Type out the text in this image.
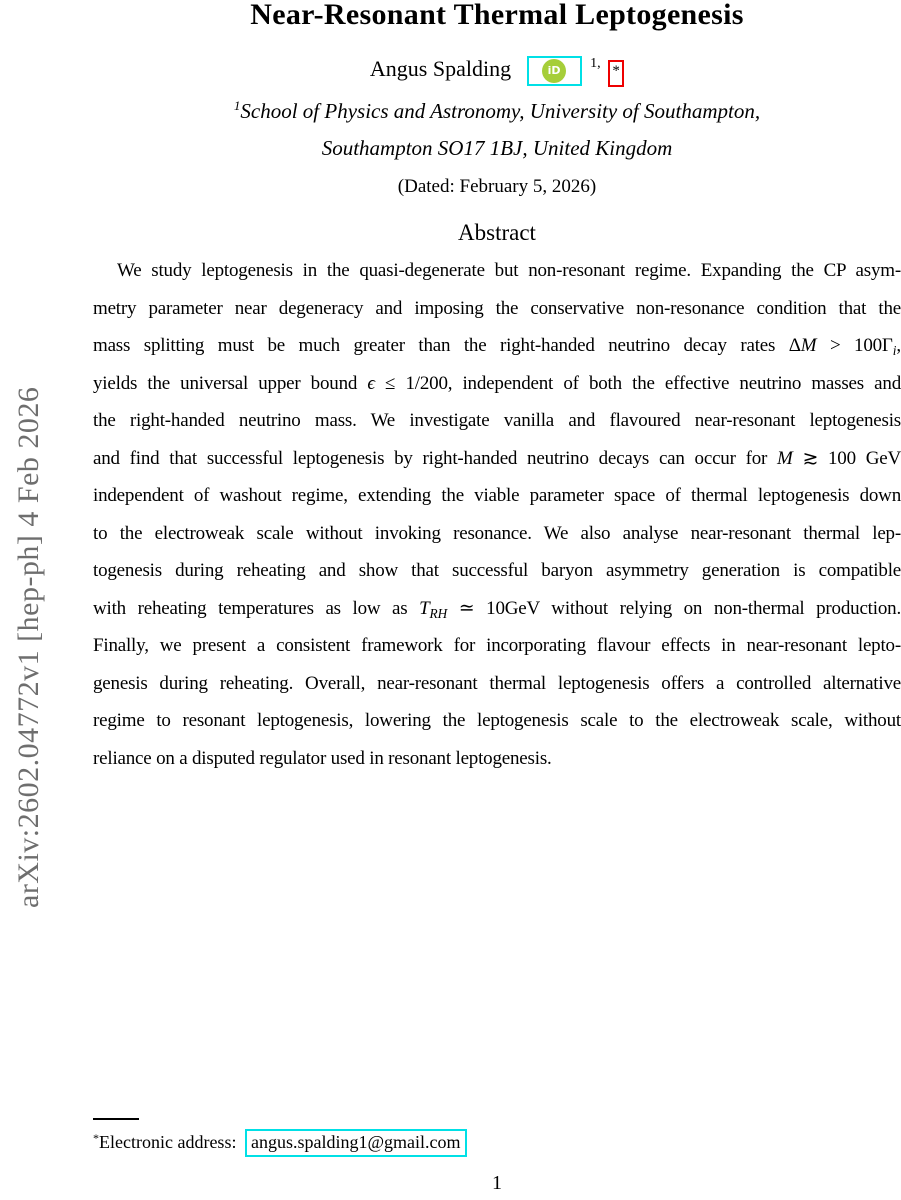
arXiv:2602.04772v1 [hep-ph] 4 Feb 2026
Near-Resonant Thermal Leptogenesis
Angus Spalding	iD	$^{1,}$ *
$^1$School of Physics and Astronomy, University of Southampton,
Southampton SO17 1BJ, United Kingdom
(Dated: February 5, 2026)
Abstract
We study leptogenesis in the quasi-degenerate but non-resonant regime. Expanding the CP asym-
metry parameter near degeneracy and imposing the conservative non-resonance condition that the
mass splitting must be much greater than the right-handed neutrino decay rates $\Delta M > 100\Gamma_i$,
yields the universal upper bound ϵ ≤ 1/200, independent of both the effective neutrino masses and
the right-handed neutrino mass. We investigate vanilla and flavoured near-resonant leptogenesis
and find that successful leptogenesis by right-handed neutrino decays can occur for M ≳ 100 GeV
independent of washout regime, extending the viable parameter space of thermal leptogenesis down
to the electroweak scale without invoking resonance. We also analyse near-resonant thermal lep-
togenesis during reheating and show that successful baryon asymmetry generation is compatible
with reheating temperatures as low as $T_{RH}$ ≃ 10GeV without relying on non-thermal production.
Finally, we present a consistent framework for incorporating flavour effects in near-resonant lepto-
genesis during reheating. Overall, near-resonant thermal leptogenesis offers a controlled alternative
regime to resonant leptogenesis, lowering the leptogenesis scale to the electroweak scale, without
reliance on a disputed regulator used in resonant leptogenesis.
*Electronic address: angus.spalding1@gmail.com
1
